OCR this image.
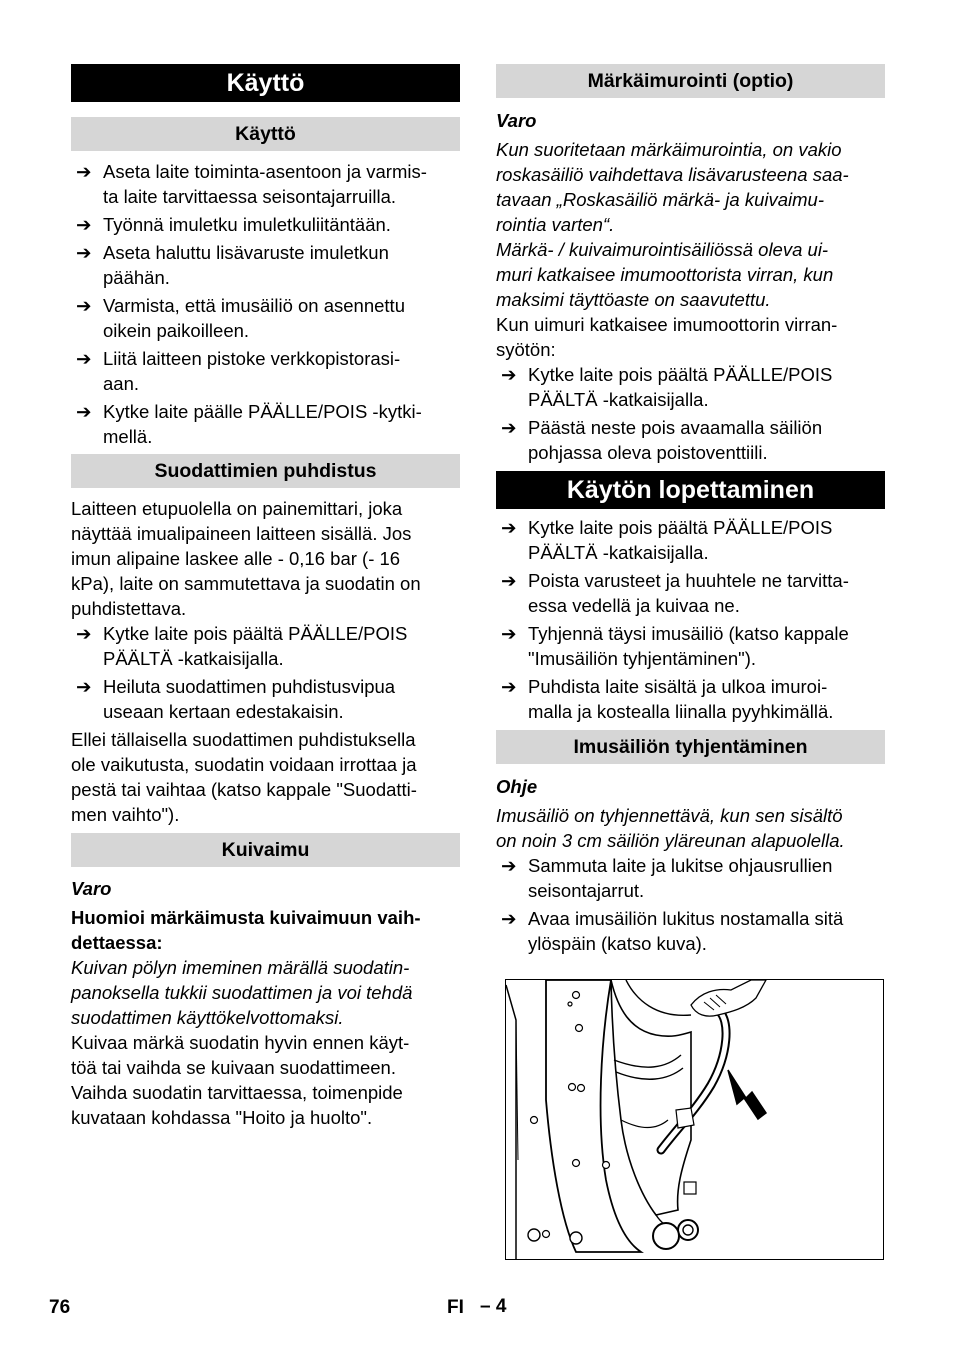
Käyttö
Käyttö
➔ Aseta laite toiminta-asentoon ja varmis-
ta laite tarvittaessa seisontajarruilla.
➔ Työnnä imuletku imuletkuliitäntään.
➔ Aseta haluttu lisävaruste imuletkun
päähän.
➔ Varmista, että imusäiliö on asennettu
oikein paikoilleen.
➔ Liitä laitteen pistoke verkkopistorasi-
aan.
➔ Kytke laite päälle PÄÄLLE/POIS -kytki-
mellä.
Suodattimien puhdistus
Laitteen etupuolella on painemittari, joka
näyttää imualipaineen laitteen sisällä. Jos
imun alipaine laskee alle - 0,16 bar (- 16
kPa), laite on sammutettava ja suodatin on
puhdistettava.
➔ Kytke laite pois päältä PÄÄLLE/POIS
PÄÄLTÄ -katkaisijalla.
➔ Heiluta suodattimen puhdistusvipua
useaan kertaan edestakaisin.
Ellei tällaisella suodattimen puhdistuksella
ole vaikutusta, suodatin voidaan irrottaa ja
pestä tai vaihtaa (katso kappale "Suodatti-
men vaihto").
Kuivaimu
Varo
Huomioi märkäimusta kuivaimuun vaih-
dettaessa:
Kuivan pölyn imeminen märällä suodatin-
panoksella tukkii suodattimen ja voi tehdä
suodattimen käyttökelvottomaksi.
Kuivaa märkä suodatin hyvin ennen käyt-
töä tai vaihda se kuivaan suodattimeen.
Vaihda suodatin tarvittaessa, toimenpide
kuvataan kohdassa "Hoito ja huolto".
Märkäimurointi (optio)
Varo
Kun suoritetaan märkäimurointia, on vakio
roskasäiliö vaihdettava lisävarusteena saa-
tavaan „Roskasäiliö märkä- ja kuivaimu-
rointia varten“.
Märkä- / kuivaimurointisäiliössä oleva ui-
muri katkaisee imumoottorista virran, kun
maksimi täyttöaste on saavutettu.
Kun uimuri katkaisee imumoottorin virran-
syötön:
➔ Kytke laite pois päältä PÄÄLLE/POIS
PÄÄLTÄ -katkaisijalla.
➔ Päästä neste pois avaamalla säiliön
pohjassa oleva poistoventtiili.
Käytön lopettaminen
➔ Kytke laite pois päältä PÄÄLLE/POIS
PÄÄLTÄ -katkaisijalla.
➔ Poista varusteet ja huuhtele ne tarvitta-
essa vedellä ja kuivaa ne.
➔ Tyhjennä täysi imusäiliö (katso kappale
"Imusäiliön tyhjentäminen").
➔ Puhdista laite sisältä ja ulkoa imuroi-
malla ja kostealla liinalla pyyhkimällä.
Imusäiliön tyhjentäminen
Ohje
Imusäiliö on tyhjennettävä, kun sen sisältö
on noin 3 cm säiliön yläreunan alapuolella.
➔ Sammuta laite ja lukitse ohjausrullien
seisontajarrut.
➔ Avaa imusäiliön lukitus nostamalla sitä
ylöspäin (katso kuva).
76	FI – 4
